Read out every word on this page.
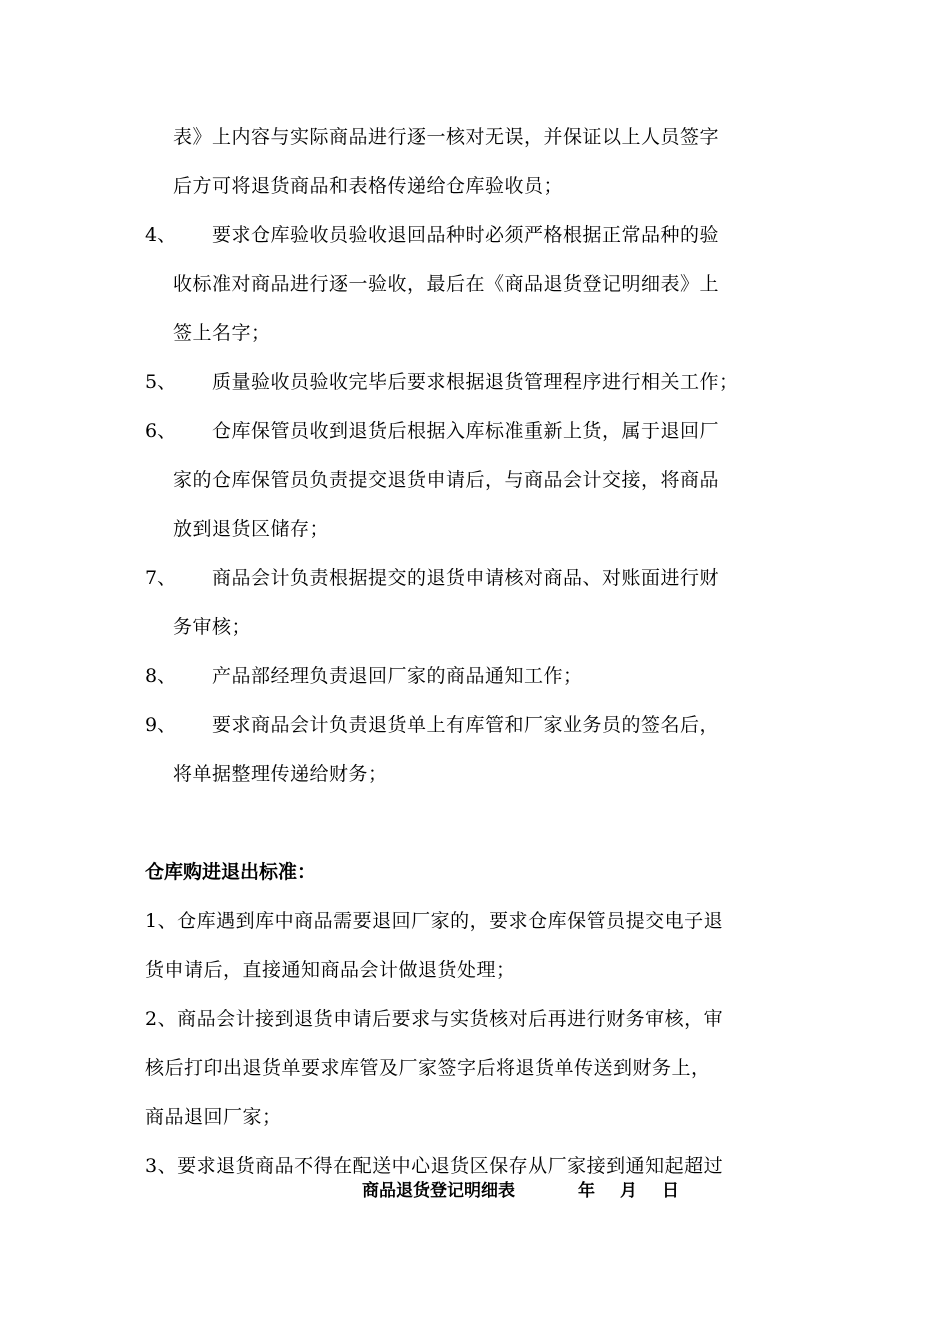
表》上内容与实际商品进行逐一核对无误，并保证以上人员签字
后方可将退货商品和表格传递给仓库验收员；
4、 要求仓库验收员验收退回品种时必须严格根据正常品种的验
收标准对商品进行逐一验收，最后在《商品退货登记明细表》上
签上名字；
5、 质量验收员验收完毕后要求根据退货管理程序进行相关工作；
6、 仓库保管员收到退货后根据入库标准重新上货，属于退回厂
家的仓库保管员负责提交退货申请后，与商品会计交接，将商品
放到退货区储存；
7、 商品会计负责根据提交的退货申请核对商品、对账面进行财
务审核；
8、 产品部经理负责退回厂家的商品通知工作；
9、 要求商品会计负责退货单上有库管和厂家业务员的签名后，
将单据整理传递给财务；
仓库购进退出标准：
1、仓库遇到库中商品需要退回厂家的，要求仓库保管员提交电子退
货申请后，直接通知商品会计做退货处理；
2、商品会计接到退货申请后要求与实货核对后再进行财务审核，审
核后打印出退货单要求库管及厂家签字后将退货单传送到财务上，
商品退回厂家；
3、要求退货商品不得在配送中心退货区保存从厂家接到通知起超过
商品退货登记明细表	年 月 日
